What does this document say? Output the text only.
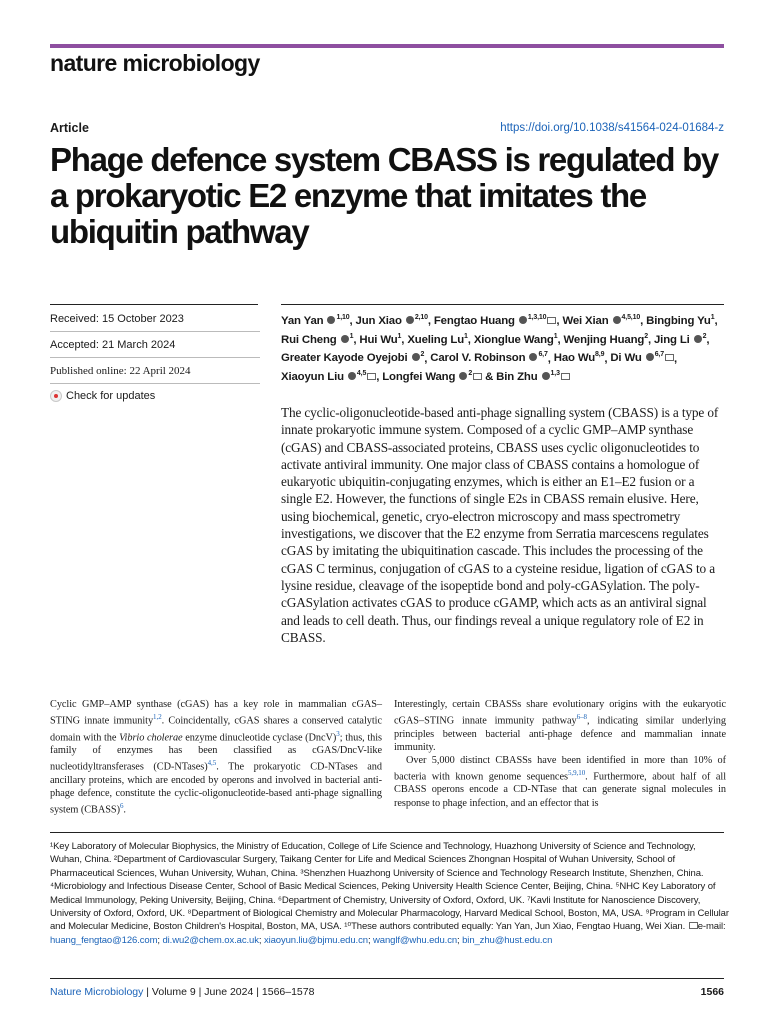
nature microbiology
Article	https://doi.org/10.1038/s41564-024-01684-z
Phage defence system CBASS is regulated by a prokaryotic E2 enzyme that imitates the ubiquitin pathway
Received: 15 October 2023
Accepted: 21 March 2024
Published online: 22 April 2024
Check for updates
Yan Yan $^{1,10}$, Jun Xiao $^{2,10}$, Fengtao Huang $^{1,3,10}$ , Wei Xian $^{4,5,10}$, Bingbing Yu$^1$, Rui Cheng $^1$, Hui Wu$^1$, Xueling Lu$^1$, Xionglue Wang$^1$, Wenjing Huang$^2$, Jing Li $^2$, Greater Kayode Oyejobi $^2$, Carol V. Robinson $^{6,7}$, Hao Wu$^{8,9}$, Di Wu $^{6,7}$ , Xiaoyun Liu $^{4,5}$ , Longfei Wang $^2$ & Bin Zhu $^{1,3}$

The cyclic-oligonucleotide-based anti-phage signalling system (CBASS) is a type of innate prokaryotic immune system. Composed of a cyclic GMP–AMP synthase (cGAS) and CBASS-associated proteins, CBASS uses cyclic oligonucleotides to activate antiviral immunity. One major class of CBASS contains a homologue of eukaryotic ubiquitin-conjugating enzymes, which is either an E1–E2 fusion or a single E2. However, the functions of single E2s in CBASS remain elusive. Here, using biochemical, genetic, cryo-electron microscopy and mass spectrometry investigations, we discover that the E2 enzyme from Serratia marcescens regulates cGAS by imitating the ubiquitination cascade. This includes the processing of the cGAS C terminus, conjugation of cGAS to a cysteine residue, ligation of cGAS to a lysine residue, cleavage of the isopeptide bond and poly-cGASylation. The poly-cGASylation activates cGAS to produce cGAMP, which acts as an antiviral signal and leads to cell death. Thus, our findings reveal a unique regulatory role of E2 in CBASS.

Cyclic GMP–AMP synthase (cGAS) has a key role in mammalian cGAS–STING innate immunity$^{1,2}$. Coincidentally, cGAS shares a conserved catalytic domain with the Vibrio cholerae enzyme dinucleotide cyclase (DncV)$^3$; thus, this family of enzymes has been classified as cGAS/DncV-like nucleotidyltransferases (CD-NTases)$^{4,5}$. The prokaryotic CD-NTases and ancillary proteins, which are encoded by operons and involved in bacterial anti-phage defence, constitute the cyclic-oligonucleotide-based anti-phage signalling system (CBASS)$^6$.

Interestingly, certain CBASSs share evolutionary origins with the eukaryotic cGAS–STING innate immunity pathway$^{6-8}$, indicating similar underlying principles between bacterial anti-phage defence and mammalian innate immunity.
Over 5,000 distinct CBASSs have been identified in more than 10% of bacteria with known genome sequences$^{5,9,10}$. Furthermore, about half of all CBASS operons encode a CD-NTase that can generate signal molecules in response to phage infection, and an effector that is

¹Key Laboratory of Molecular Biophysics, the Ministry of Education, College of Life Science and Technology, Huazhong University of Science and Technology, Wuhan, China. ²Department of Cardiovascular Surgery, Taikang Center for Life and Medical Sciences Zhongnan Hospital of Wuhan University, School of Pharmaceutical Sciences, Wuhan University, Wuhan, China. ³Shenzhen Huazhong University of Science and Technology Research Institute, Shenzhen, China. ⁴Microbiology and Infectious Disease Center, School of Basic Medical Sciences, Peking University Health Science Center, Beijing, China. ⁵NHC Key Laboratory of Medical Immunology, Peking University, Beijing, China. ⁶Department of Chemistry, University of Oxford, Oxford, UK. ⁷Kavli Institute for Nanoscience Discovery, University of Oxford, Oxford, UK. ⁸Department of Biological Chemistry and Molecular Pharmacology, Harvard Medical School, Boston, MA, USA. ⁹Program in Cellular and Molecular Medicine, Boston Children's Hospital, Boston, MA, USA. ¹⁰These authors contributed equally: Yan Yan, Jun Xiao, Fengtao Huang, Wei Xian. e-mail: huang_fengtao@126.com; di.wu2@chem.ox.ac.uk; xiaoyun.liu@bjmu.edu.cn; wanglf@whu.edu.cn; bin_zhu@hust.edu.cn

Nature Microbiology | Volume 9 | June 2024 | 1566–1578	1566
